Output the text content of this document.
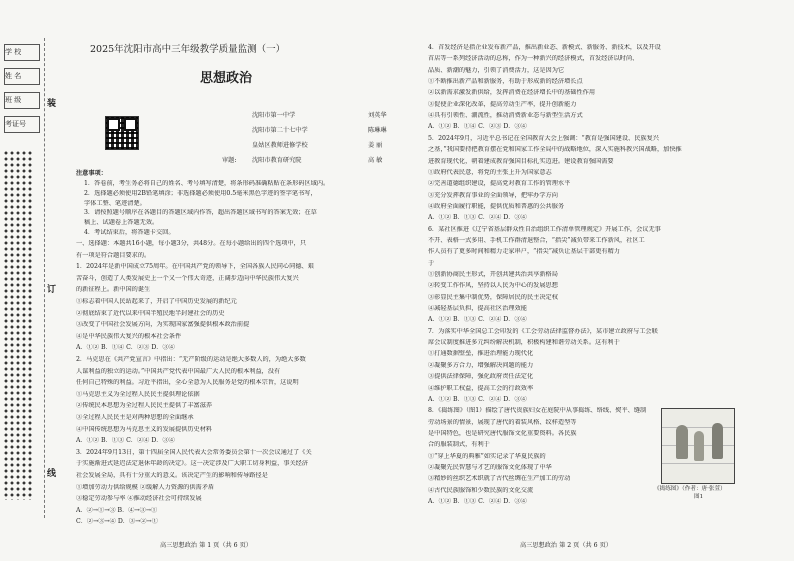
学 校
姓 名
班 级
考证号
装
订
线
2025年沈阳市高中三年级教学质量监测（一）
思想政治
沈阳市第一中学	刘英华
沈阳市第二十七中学	陈琳琳
皇姑区教师进修学校	姜 丽
审题:	沈阳市教育研究院	高 敏
注意事项：
1．答卷前，考生务必将自己的姓名、考号填写清楚，将条形码准确粘贴在条形码区域内。
2．选择题必须使用2B铅笔填涂；非选择题必须使用0.5毫米黑色字迹的签字笔书写，
字体工整、笔迹清楚。
3．请按照题号顺序在各题目的答题区域内作答，超出答题区域书写的答案无效；在草
稿上、试题卷上答题无效。
4．考试结束后，将答题卡交回。
一、选择题：本题共16小题，每小题3分，共48分。在每小题给出的四个选项中，只
有一项是符合题目要求的。
1．2024年是新中国成立75周年。在中国共产党的领导下，全国各族人民同心同德、艰
苦奋斗，创造了人类发展史上一个又一个伟大奇迹，正阔步迈向中华民族伟大复兴
的新征程上。新中国的诞生
①标志着中国人民站起来了，开启了中国历史发展的新纪元
②彻底结束了近代以来中国半殖民地半封建社会的历史
③改变了中国社会发展方向，为实现国家富强提供根本政治前提
④是中华民族伟大复兴的根本社会条件
A．①② B．①④ C．②③ D．③④
2．马克思在《共产党宣言》中指出：“无产阶级的运动是绝大多数人的，为绝大多数
人谋利益的独立的运动。”中国共产党代表中国最广大人民的根本利益，没有
任何自己特殊的利益。习近平指出，全心全意为人民服务是党的根本宗旨，这说明
①马克思主义为全过程人民民主提供理论依据
②传统民本思想为全过程人民民主提供了丰富滋养
③全过程人民民主是对两种思想的全面继承
④中国传统思想为马克思主义的发展提供历史材料
A．①② B．①③ C．②④ D．③④
3．2024年9月13日，第十四届全国人民代表大会常务委员会第十一次会议通过了《关
于实施渐进式延迟法定退休年龄的决定》。这一决定涉及广大职工切身利益，事关经济
社会发展全局，具有十分重大的意义。该决定产生的影响和传导路径是
①增加劳动力供给规模 ②缓解人力资源的供需矛盾
③稳定劳动参与率 ④推动经济社会可持续发展
A．②→①→③ B．④→③→①
C．②→③→④ D．③→②→①
高三思想政治 第 1 页（共 6 页）
4．首发经济是指企业发布新产品，推出新业态、新模式、新服务、新技术，以及开设
首店等一系列经济活动的总称，作为一种新兴的经济模式，首发经济以时尚、
品质、新潮的魅力，引领了消费活力，这是因为它
①不断推出新产品和新服务，有助于形成新的经济增长点
②以新需求激发新供给，发挥消费在经济增长中的基础性作用
③促使企业深化改革，提高劳动生产率，提升创新能力
④具有引领性、潮流性，推动消费新业态与新型生活方式
A．①② B．①④ C．②③ D．③④
5．2024年9月，习近平总书记在全国教育大会上强调：“教育是强国建设、民族复兴
之基，”我国要持把教育摆在党和国家工作全局中的战略地位，深入实施科教兴国战略，加快推
进教育现代化，朝着建成教育强国目标扎实迈进。建设教育强国需要
①政府代表民意，将党的主张上升为国家意志
②完善道德组织建设，提高党对教育工作的管理水平
③充分发挥教育事业的全面领导，把牢办学方向
④政府全面履行职能，提供优质和普惠的公共服务
A．①② B．①③ C．②④ D．③④
6．某社区推进《辽宁省基层群众性自治组织工作清单管理规定》开展工作，会议无事
不开、表格一式多用、手机工作群清退整合，“指尖”减负带来工作新风，社区工
作人员有了更多时间和精力走家串户，“指尖”减负让基层干部更有精力
于
①创新协商民主形式，开创共建共治共享新格局
②转变工作作风，坚持以人民为中心的发展思想
③彰显民主集中制优势，保障居民的民主决定权
④减轻基层负担，提高社区治理效能
A．①② B．①③ C．②④ D．③④
7．为落实中华全国总工会印发的《工会劳动法律监督办法》，某市建立政府与工会联
席会议制度推进多元纠纷解决机制，积极构建和谐劳动关系。这有利于
①打通数据壁垒，推进治理能力现代化
②凝聚多方合力，增强解决问题的能力
③提供法律保障，强化政府责任法定化
④维护职工权益，提高工会的行政效率
A．①② B．①③ C．②④ D．③④
8．《捣练图》（图1）描绘了唐代贵族妇女在庭院中从事捣练、络线、熨平、缝制
劳动场景的情景，展现了唐代的着装风格、纹样造型等
是中国特色，也是研究唐代服饰文化重要资料。各民族
合的服装制式，有利于
①“穿上华夏的典雅”如实记录了华夏民族的
②凝聚先民智慧与才艺的服饰文化体现了中华
③精妙的丝织艺术织就了古代丝绸在生产加工的劳动
④古代民族服饰和少数民族的文化交流
A．①② B．①③ C．②④ D．③④
《捣练图》（作者：唐·张萱）
图1
高三思想政治 第 2 页（共 6 页）
